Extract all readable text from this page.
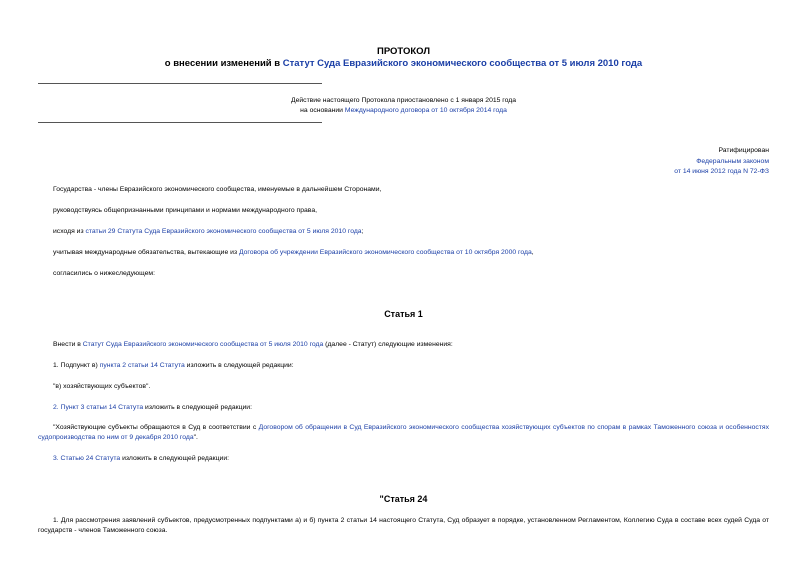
ПРОТОКОЛ
о внесении изменений в Статут Суда Евразийского экономического сообщества от 5 июля 2010 года
Действие настоящего Протокола приостановлено с 1 января 2015 года
на основании Международного договора от 10 октября 2014 года
Ратифицирован
Федеральным законом
от 14 июня 2012 года N 72-ФЗ
Государства - члены Евразийского экономического сообщества, именуемые в дальнейшем Сторонами,
руководствуясь общепризнанными принципами и нормами международного права,
исходя из статьи 29 Статута Суда Евразийского экономического сообщества от 5 июля 2010 года;
учитывая международные обязательства, вытекающие из Договора об учреждении Евразийского экономического сообщества от 10 октября 2000 года,
согласились о нижеследующем:
Статья 1
Внести в Статут Суда Евразийского экономического сообщества от 5 июля 2010 года (далее - Статут) следующие изменения:
1. Подпункт в) пункта 2 статьи 14 Статута изложить в следующей редакции:
"в) хозяйствующих субъектов".
2. Пункт 3 статьи 14 Статута изложить в следующей редакции:
"Хозяйствующие субъекты обращаются в Суд в соответствии с Договором об обращении в Суд Евразийского экономического сообщества хозяйствующих субъектов по спорам в рамках Таможенного союза и особенностях судопроизводства по ним от 9 декабря 2010 года".
3. Статью 24 Статута изложить в следующей редакции:
"Статья 24
1. Для рассмотрения заявлений субъектов, предусмотренных подпунктами а) и б) пункта 2 статьи 14 настоящего Статута, Суд образует в порядке, установленном Регламентом, Коллегию Суда в составе всех судей Суда от государств - членов Таможенного союза.
